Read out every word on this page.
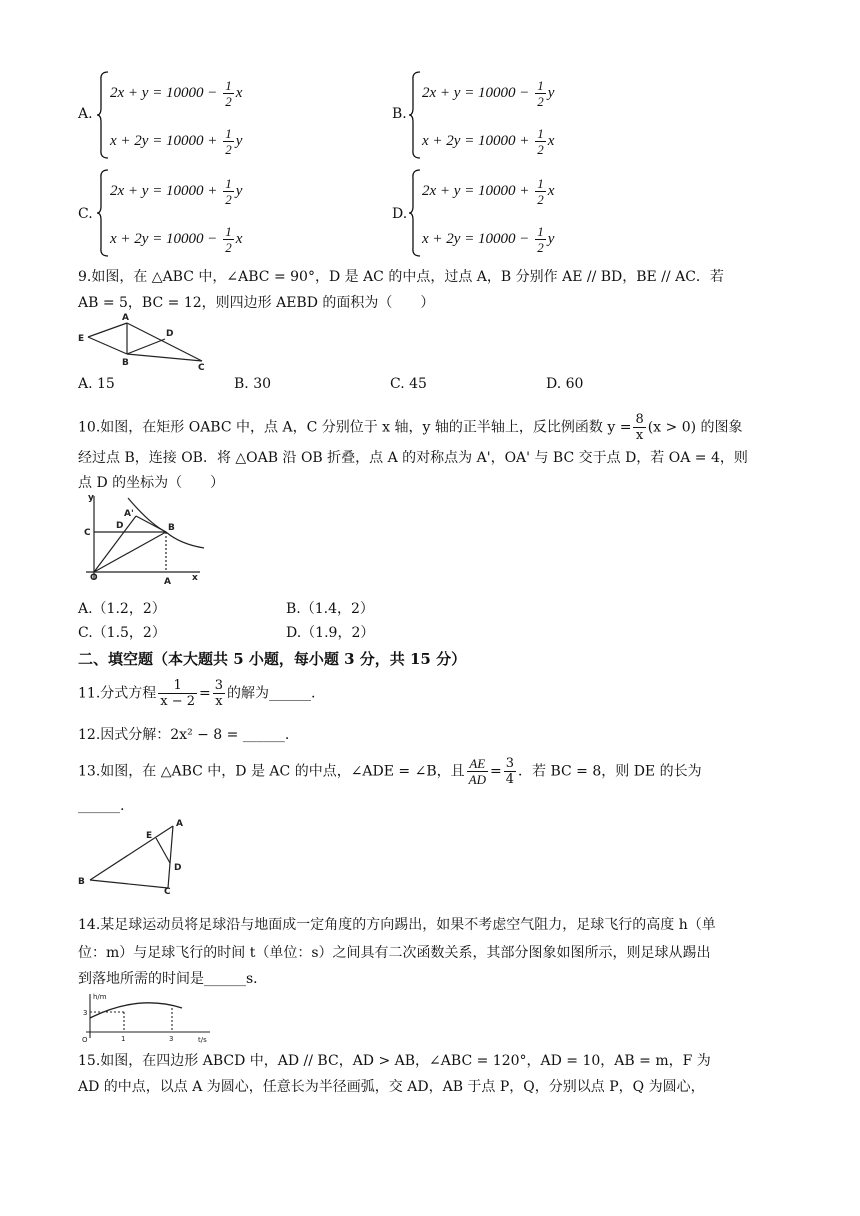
A.
$2x + y = 10000 - \frac{1}{2}$ x
$x + 2y = 10000 + \frac{1}{2}$ y
B.
$2x + y = 10000 - \frac{1}{2}$ y
$x + 2y = 10000 + \frac{1}{2}$ x
C.
$2x + y = 10000 + \frac{1}{2}$ y
$x + 2y = 10000 - \frac{1}{2}$ x
D.
$2x + y = 10000 + \frac{1}{2}$ x
$x + 2y = 10000 - \frac{1}{2}$ y
9.如图，在 △ABC 中，∠ABC = 90°，D 是 AC 的中点，过点 A，B 分别作 AE // BD，BE // AC．若
AB = 5，BC = 12，则四边形 AEBD 的面积为（　　）
E
A
D
B	C
A. 15	B. 30	C. 45	D. 60
10.如图，在矩形 OABC 中，点 A，C 分别位于 x 轴，y 轴的正半轴上，反比例函数 $y = \frac{8}{x} (x > 0)$ 的图象
经过点 B，连接 OB．将 △OAB 沿 OB 折叠，点 A 的对称点为 A'，OA' 与 BC 交于点 D，若 OA = 4，则
点 D 的坐标为（　　）
y
x
O
C
D
A'
B
A
A.（1.2，2）	B.（1.4，2）
C.（1.5，2）	D.（1.9，2）
二、填空题（本大题共 5 小题，每小题 3 分，共 15 分）
11.分式方程 $\frac{1}{x - 2} = \frac{3}{x}$ 的解为______.
12.因式分解：2x² − 8 = ______.
13.如图，在 △ABC 中，D 是 AC 的中点，∠ADE = ∠B，且 $\frac{AE}{AD} = \frac{3}{4}$ ．若 BC = 8，则 DE 的长为
______.
A
E
D
B
C
14.某足球运动员将足球沿与地面成一定角度的方向踢出，如果不考虑空气阻力，足球飞行的高度 h（单
位：m）与足球飞行的时间 t（单位：s）之间具有二次函数关系，其部分图象如图所示，则足球从踢出
到落地所需的时间是______s．
h/m
t/s
O	1	3
3
15.如图，在四边形 ABCD 中，AD // BC，AD > AB，∠ABC = 120°，AD = 10，AB = m，F 为
AD 的中点，以点 A 为圆心，任意长为半径画弧，交 AD，AB 于点 P，Q，分别以点 P，Q 为圆心，
